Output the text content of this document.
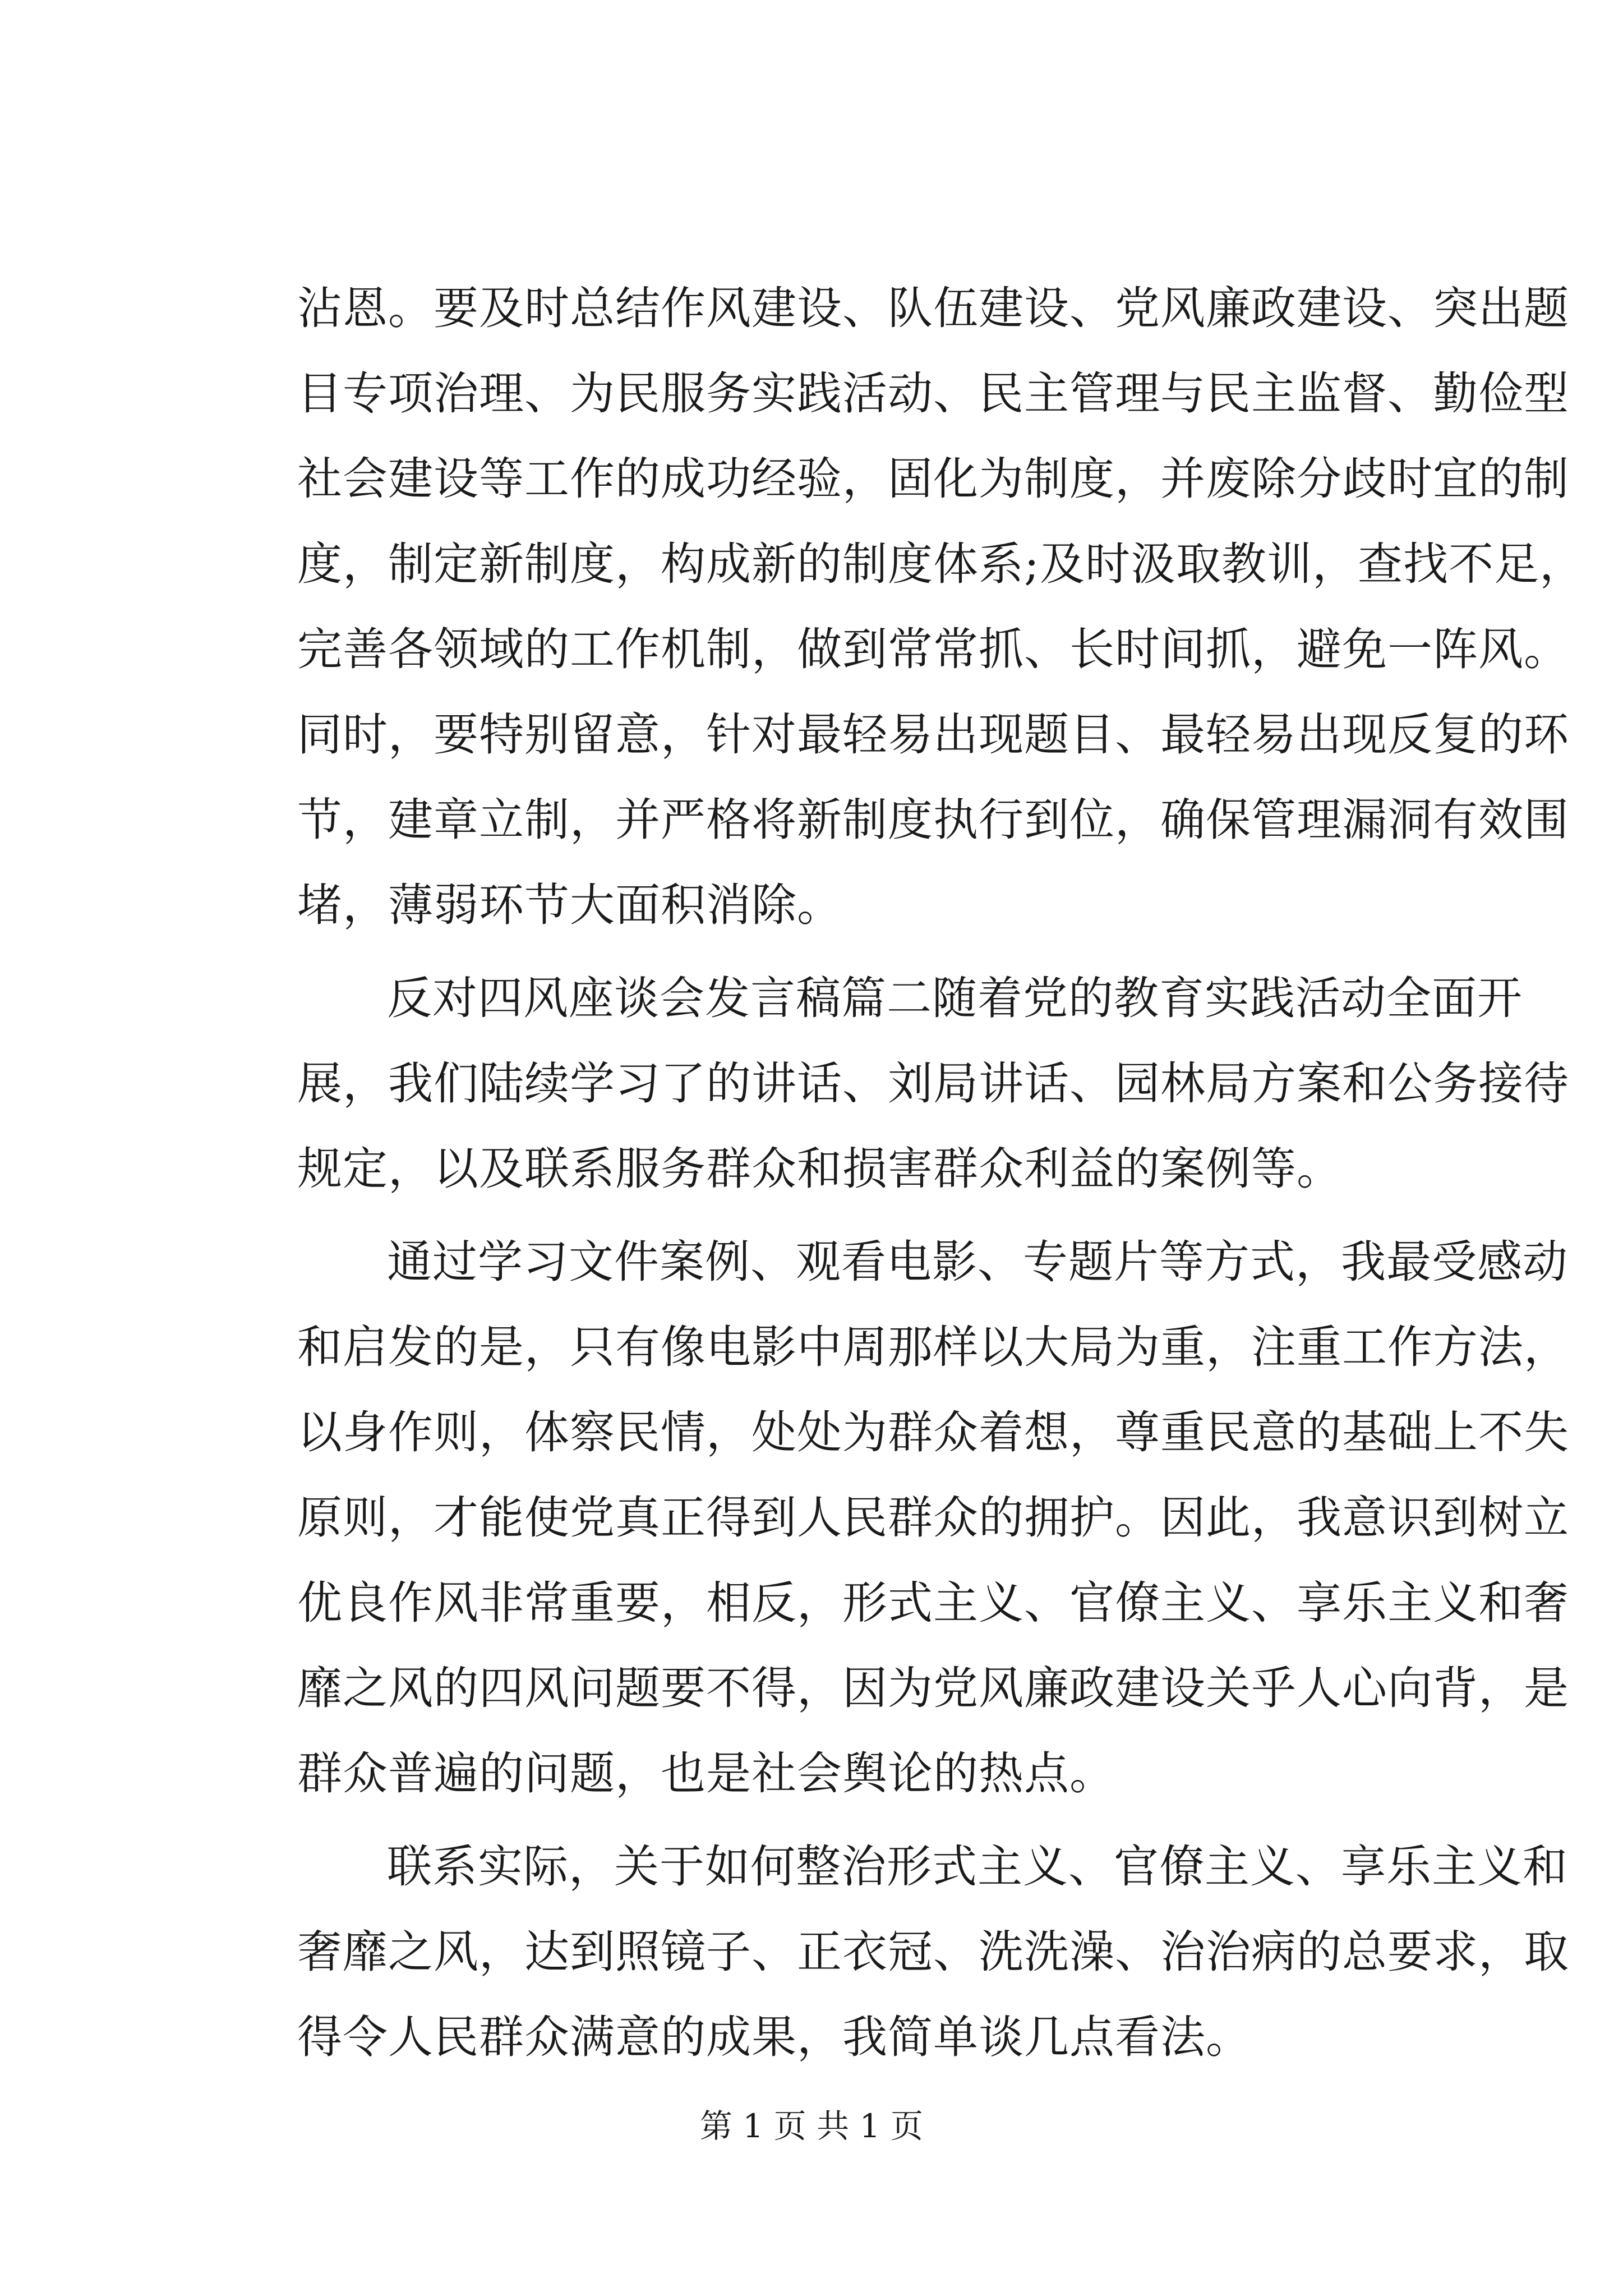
沾恩。要及时总结作风建设、队伍建设、党风廉政建设、突出题
目专项治理、为民服务实践活动、民主管理与民主监督、勤俭型
社会建设等工作的成功经验，固化为制度，并废除分歧时宜的制
度，制定新制度，构成新的制度体系;及时汲取教训，查找不足，
完善各领域的工作机制，做到常常抓、长时间抓，避免一阵风。
同时，要特别留意，针对最轻易出现题目、最轻易出现反复的环
节，建章立制，并严格将新制度执行到位，确保管理漏洞有效围
堵，薄弱环节大面积消除。
反对四风座谈会发言稿篇二随着党的教育实践活动全面开
展，我们陆续学习了的讲话、刘局讲话、园林局方案和公务接待
规定，以及联系服务群众和损害群众利益的案例等。
通过学习文件案例、观看电影、专题片等方式，我最受感动
和启发的是，只有像电影中周那样以大局为重，注重工作方法，
以身作则，体察民情，处处为群众着想，尊重民意的基础上不失
原则，才能使党真正得到人民群众的拥护。因此，我意识到树立
优良作风非常重要，相反，形式主义、官僚主义、享乐主义和奢
靡之风的四风问题要不得，因为党风廉政建设关乎人心向背，是
群众普遍的问题，也是社会舆论的热点。
联系实际，关于如何整治形式主义、官僚主义、享乐主义和
奢靡之风，达到照镜子、正衣冠、洗洗澡、治治病的总要求，取
得令人民群众满意的成果，我简单谈几点看法。
第 1 页 共 1 页
